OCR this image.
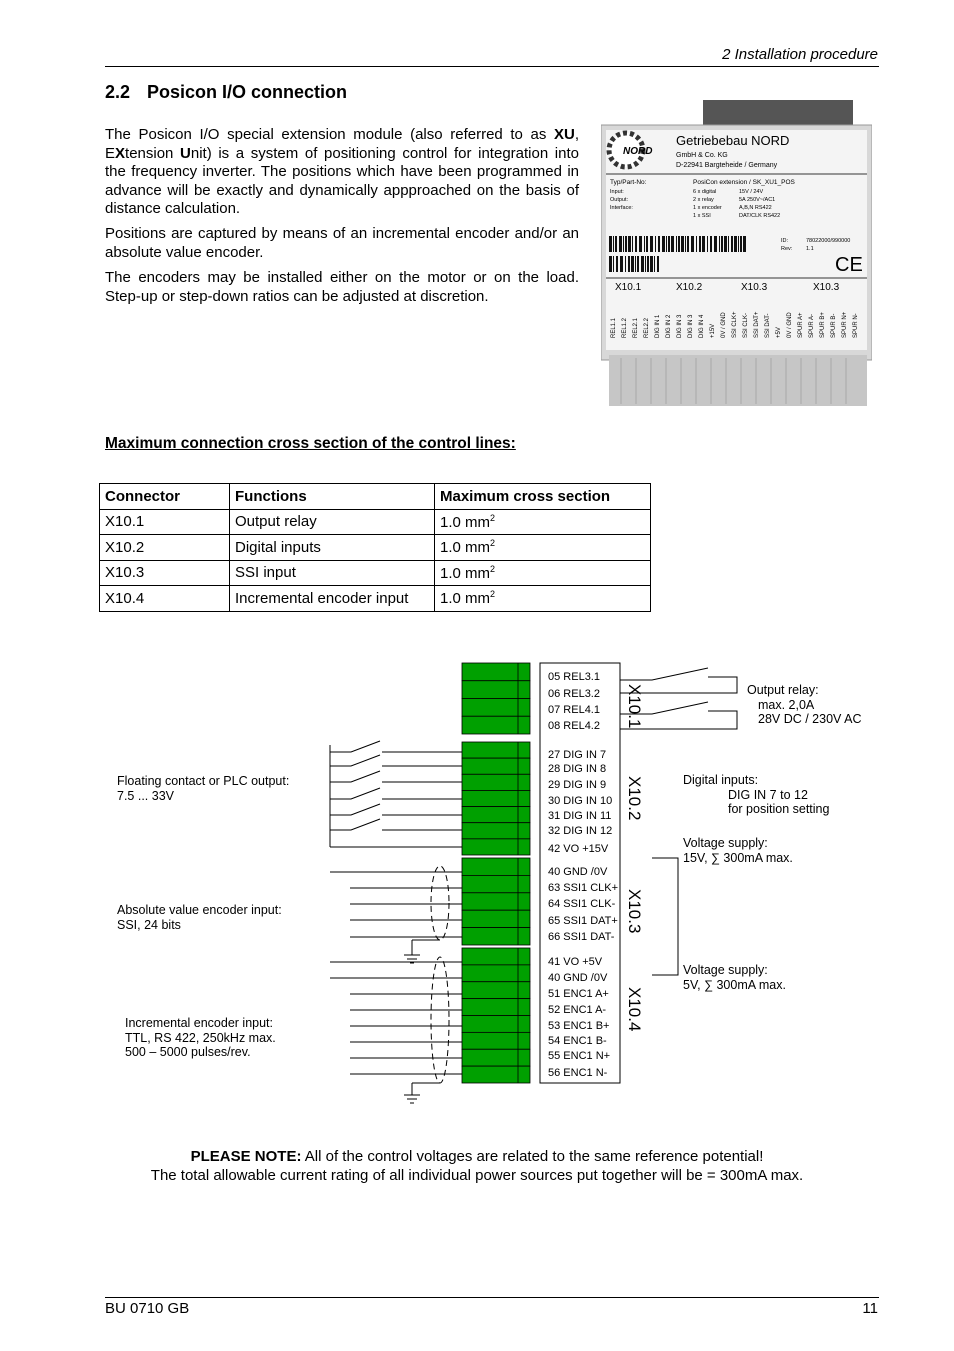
2 Installation procedure
2.2 Posicon I/O connection
The Posicon I/O special extension module (also referred to as XU, EXtension Unit) is a system of positioning control for integration into the frequency inverter. The positions which have been programmed in advance will be exactly and dynamically appproached on the basis of distance calculation.
Positions are captured by means of an incremental encoder and/or an absolute value encoder.
The encoders may be installed either on the motor or on the load. Step-up or step-down ratios can be adjusted at discretion.
NORD
Getriebebau NORD
GmbH & Co. KG
D-22941 Bargteheide / Germany
Typ/Part-No:	PosiCon extension / SK_XU1_POS
Input:	6 x digital	15V / 24V
Output:	2 x relay	5A 250V~/AC1
Interface:	1 x encoder	A,B,N RS422
1 x SSI	DAT/CLK RS422
ID:	78022000/990000
Rev: 1.1
CE
X10.1	X10.2	X10.3	X10.3
REL1.1 REL1.2 REL2.1 REL2.2 DIG IN 1 DIG IN 2 DIG IN 3 DIG IN 3 DIG IN 4 +15V 0V / GND SSI CLK+ SSI CLK- SSI DAT+ SSI DAT- +5V 0V / GND SPUR A+ SPUR A- SPUR B+ SPUR B- SPUR N+ SPUR N-
Maximum connection cross section of the control lines:
Connector	Functions	Maximum cross section
X10.1	Output relay	1.0 $mm^2$
X10.2	Digital inputs	1.0 $mm^2$
X10.3	SSI input	1.0 $mm^2$
X10.4	Incremental encoder input	1.0 $mm^2$
05 REL3.1
06 REL3.2
07 REL4.1
08 REL4.2
27 DIG IN 7
28 DIG IN 8
29 DIG IN 9
30 DIG IN 10
31 DIG IN 11
32 DIG IN 12
42 VO +15V
40 GND /0V
63 SSI1 CLK+
64 SSI1 CLK-
65 SSI1 DAT+
66 SSI1 DAT-
41 VO +5V
40 GND /0V
51 ENC1 A+
52 ENC1 A-
53 ENC1 B+
54 ENC1 B-
55 ENC1 N+
56 ENC1 N-
X10.1
X10.2
X10.3
X10.4
Output relay:
max. 2,0A
28V DC / 230V AC
Digital inputs:
DIG IN 7 to 12
for position setting
Voltage supply:
15V, ∑ 300mA max.
Voltage supply:
5V, ∑ 300mA max.
Floating contact or PLC output:
7.5 ... 33V
Absolute value encoder input:
SSI, 24 bits
Incremental encoder input:
TTL, RS 422, 250kHz max.
500 – 5000 pulses/rev.
PLEASE NOTE: All of the control voltages are related to the same reference potential!
The total allowable current rating of all individual power sources put together will be = 300mA max.
BU 0710 GB	11
